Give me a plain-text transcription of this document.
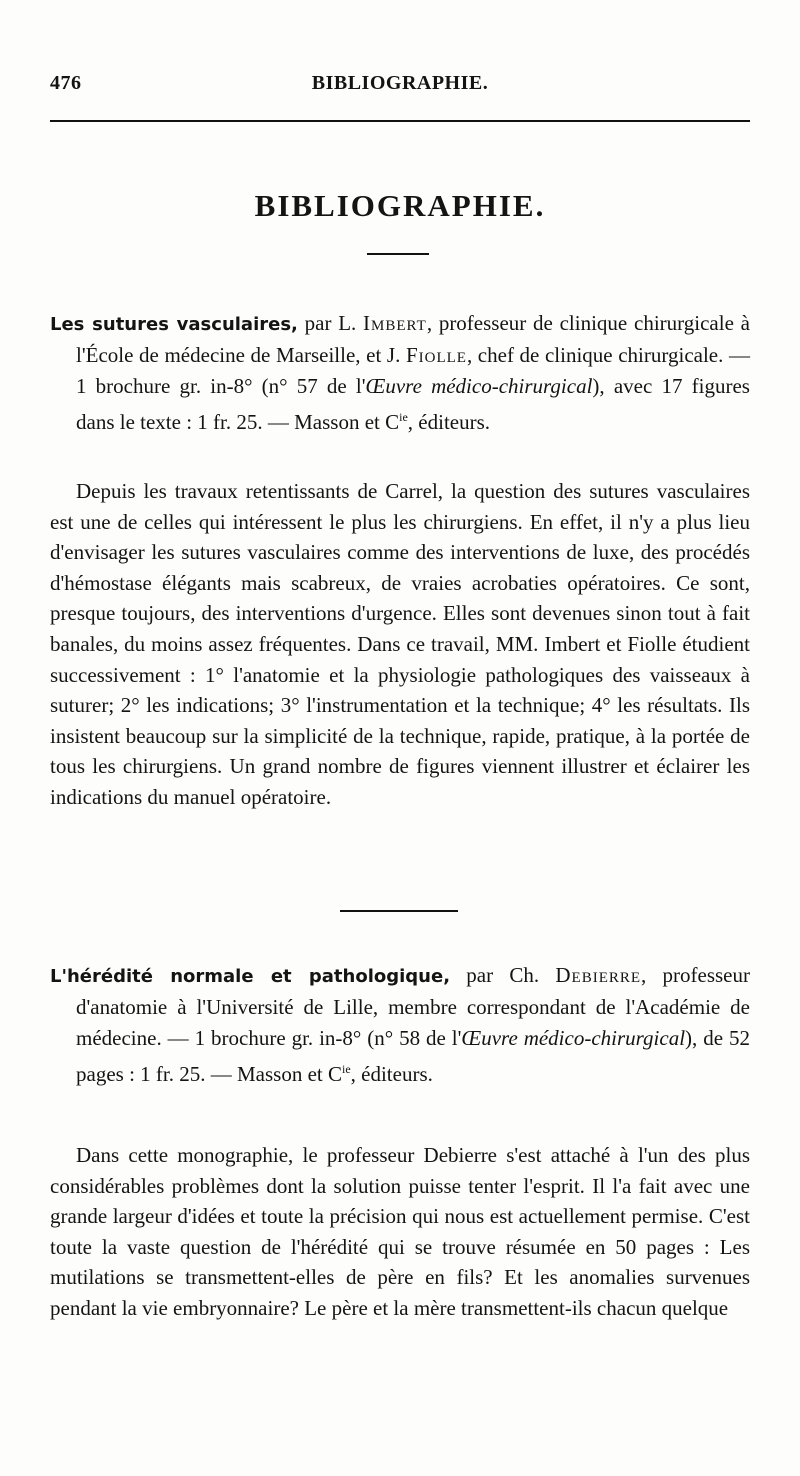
476	BIBLIOGRAPHIE.
BIBLIOGRAPHIE.
Les sutures vasculaires, par L. Imbert, professeur de clinique chirurgicale à l'École de médecine de Marseille, et J. Fiolle, chef de clinique chirurgicale. — 1 brochure gr. in-8° (n° 57 de l'Œuvre médico-chirurgical), avec 17 figures dans le texte : 1 fr. 25. — Masson et $C^{ie}$, éditeurs.
Depuis les travaux retentissants de Carrel, la question des sutures vasculaires est une de celles qui intéressent le plus les chirurgiens. En effet, il n'y a plus lieu d'envisager les sutures vasculaires comme des interventions de luxe, des procédés d'hémostase élégants mais scabreux, de vraies acrobaties opératoires. Ce sont, presque toujours, des interventions d'urgence. Elles sont devenues sinon tout à fait banales, du moins assez fréquentes. Dans ce travail, MM. Imbert et Fiolle étudient successivement : 1° l'anatomie et la physiologie pathologiques des vaisseaux à suturer; 2° les indications; 3° l'instrumentation et la technique; 4° les résultats. Ils insistent beaucoup sur la simplicité de la technique, rapide, pratique, à la portée de tous les chirurgiens. Un grand nombre de figures viennent illustrer et éclairer les indications du manuel opératoire.
L'hérédité normale et pathologique, par Ch. Debierre, professeur d'anatomie à l'Université de Lille, membre correspondant de l'Académie de médecine. — 1 brochure gr. in-8° (n° 58 de l'Œuvre médico-chirurgical), de 52 pages : 1 fr. 25. — Masson et $C^{ie}$, éditeurs.
Dans cette monographie, le professeur Debierre s'est attaché à l'un des plus considérables problèmes dont la solution puisse tenter l'esprit. Il l'a fait avec une grande largeur d'idées et toute la précision qui nous est actuellement permise. C'est toute la vaste question de l'hérédité qui se trouve résumée en 50 pages : Les mutilations se transmettent-elles de père en fils? Et les anomalies survenues pendant la vie embryonnaire? Le père et la mère transmettent-ils chacun quelque
